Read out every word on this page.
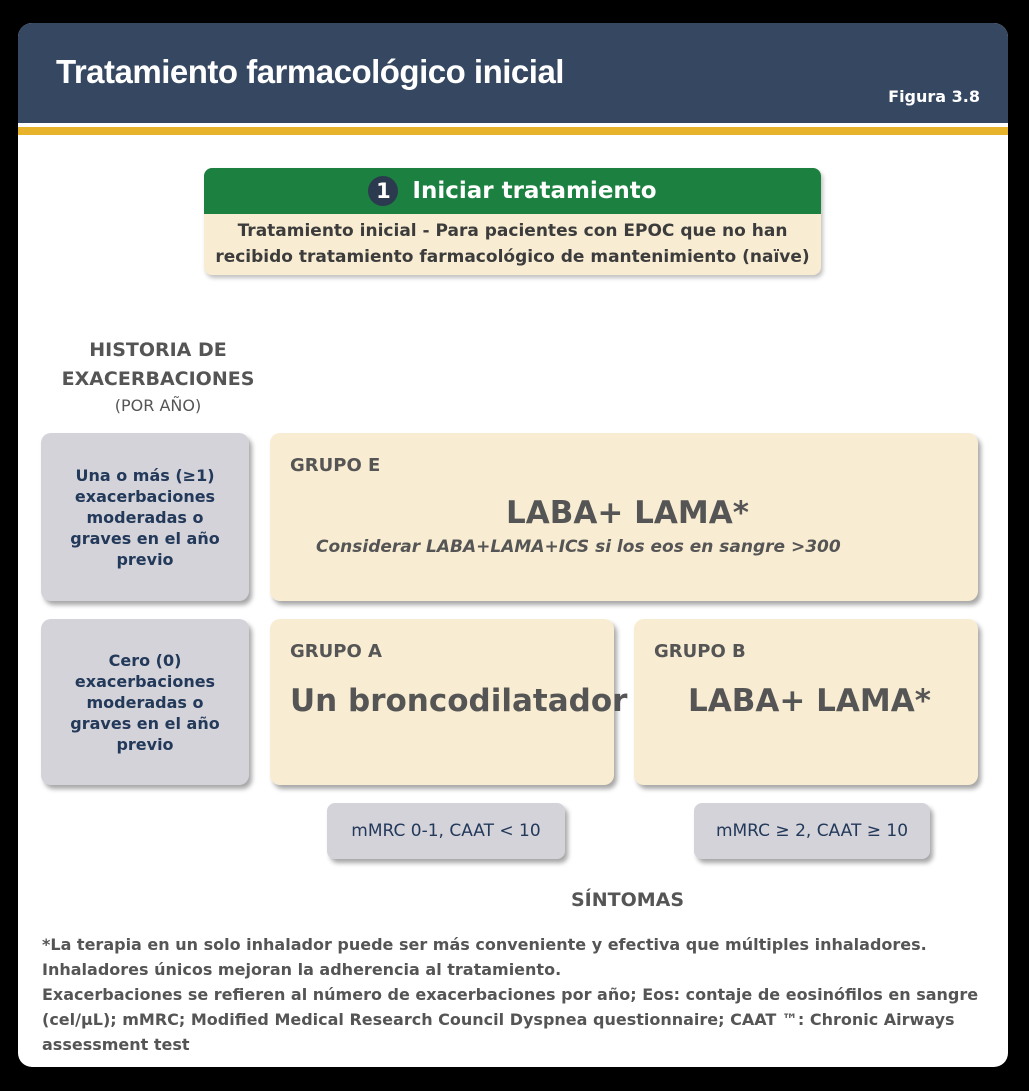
Tratamiento farmacológico inicial
Figura 3.8
1 Iniciar tratamiento
Tratamiento inicial - Para pacientes con EPOC que no han
recibido tratamiento farmacológico de mantenimiento (naïve)
HISTORIA DE
EXACERBACIONES
(POR AÑO)
Una o más (≥1) exacerbaciones moderadas o graves en el año previo
Cero (0) exacerbaciones moderadas o graves en el año previo
GRUPO E
LABA+ LAMA*
Considerar LABA+LAMA+ICS si los eos en sangre >300
GRUPO A
Un broncodilatador
GRUPO B
LABA+ LAMA*
mMRC 0-1, CAAT < 10	mMRC ≥ 2, CAAT ≥ 10
SÍNTOMAS
*La terapia en un solo inhalador puede ser más conveniente y efectiva que múltiples inhaladores.
Inhaladores únicos mejoran la adherencia al tratamiento.
Exacerbaciones se refieren al número de exacerbaciones por año; Eos: contaje de eosinófilos en sangre
(cel/µL); mMRC; Modified Medical Research Council Dyspnea questionnaire; CAAT ™: Chronic Airways
assessment test
